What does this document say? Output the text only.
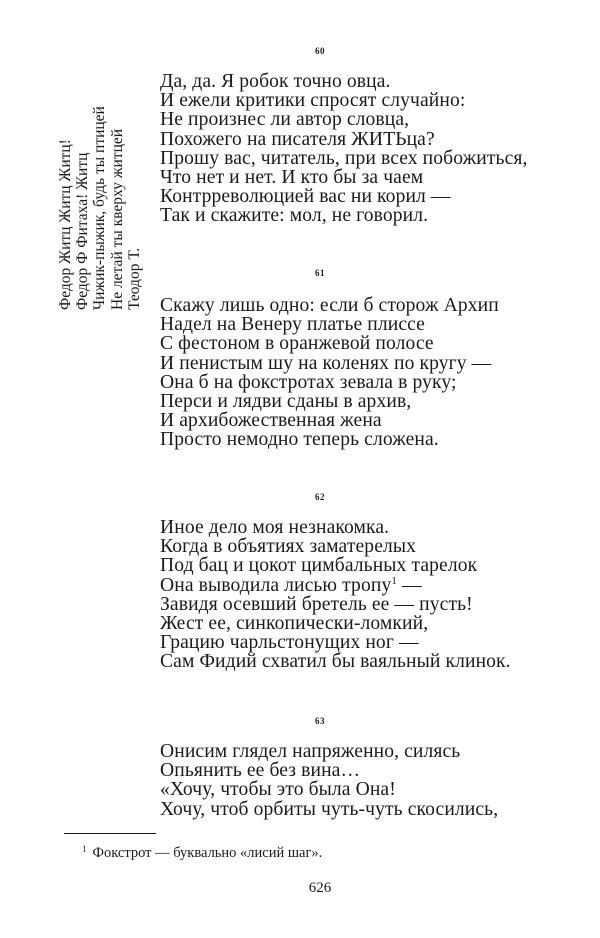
Федор Житц Житц Житц! Федор Ф Фитаха! Житц Чижик-пыжик, будь ты птицей Не летай ты кверху житцей Теодор Т.
60
Да, да. Я робок точно овца.
И ежели критики спросят случайно:
Не произнес ли автор словца,
Похожего на писателя ЖИТЬца?
Прошу вас, читатель, при всех побожиться,
Что нет и нет. И кто бы за чаем
Контрреволюцией вас ни корил —
Так и скажите: мол, не говорил.
61
Скажу лишь одно: если б сторож Архип
Надел на Венеру платье плиссе
С фестоном в оранжевой полосе
И пенистым шу на коленях по кругу —
Она б на фокстротах зевала в руку;
Перси и лядви сданы в архив,
И архибожественная жена
Просто немодно теперь сложена.
62
Иное дело моя незнакомка.
Когда в объятиях заматерелых
Под бац и цокот цимбальных тарелок
Она выводила лисью тропу$^1$ —
Завидя осевший бретель ее — пусть!
Жест ее, синкопически-ломкий,
Грацию чарльстонущих ног —
Сам Фидий схватил бы ваяльный клинок.
63
Онисим глядел напряженно, силясь
Опьянить ее без вина…
«Хочу, чтобы это была Она!
Хочу, чтоб орбиты чуть-чуть скосились,
$^1$ Фокстрот — буквально «лисий шаг».
626
